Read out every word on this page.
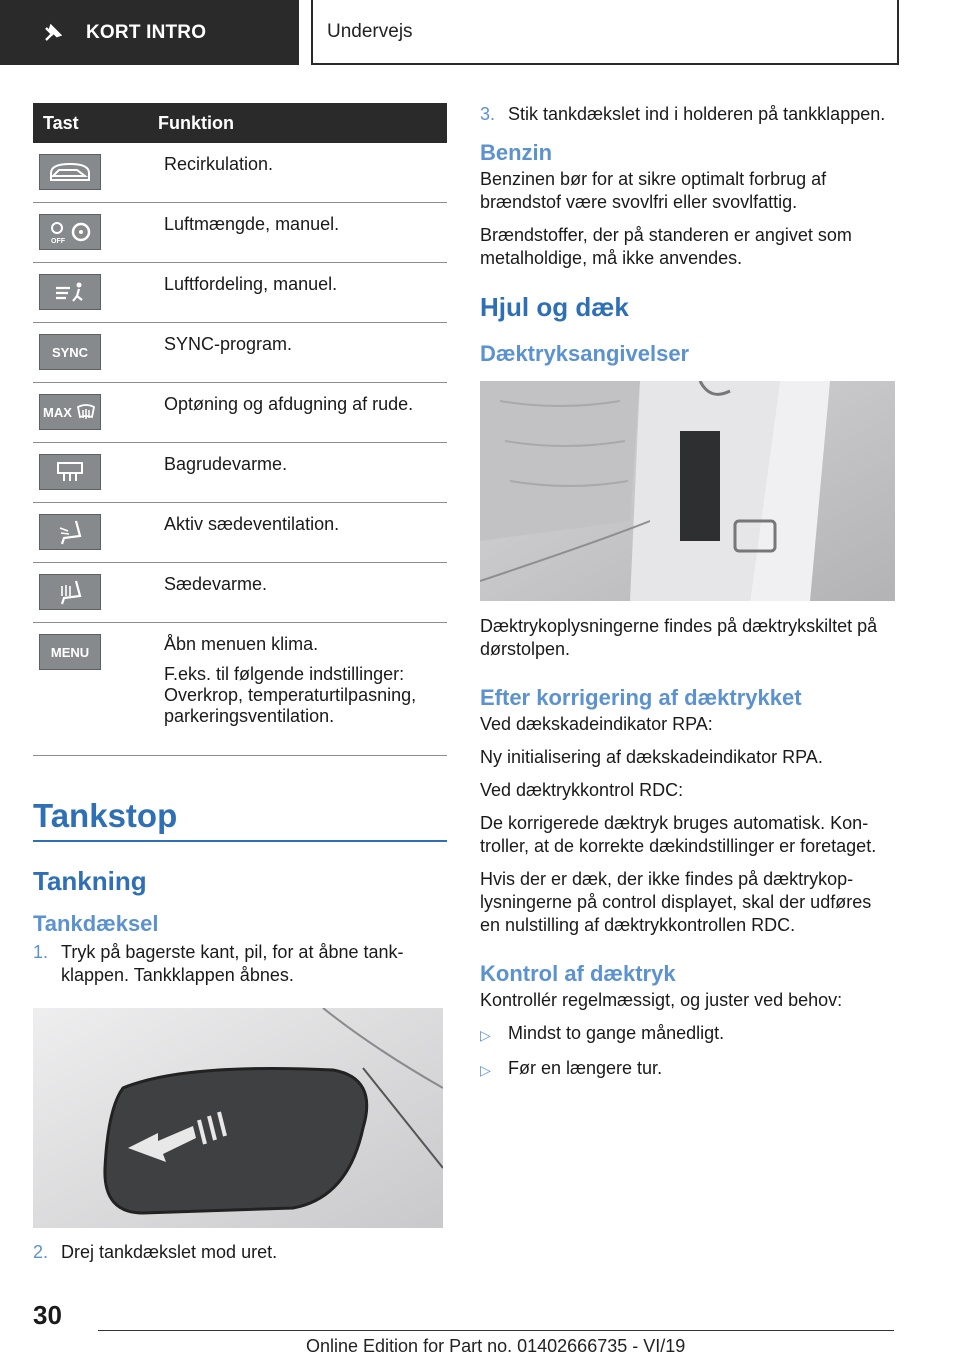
KORT INTRO	Undervejs
Tast	Funktion

	Recirkulation.

OFF	Luftmængde, manuel.

	Luftfordeling, manuel.

SYNC	SYNC-program.

MAX	Optøning og afdugning af rude.

	Bagrudevarme.

	Aktiv sædeventilation.

	Sædevarme.

MENU	Åbn menuen klima.

F.eks. til følgende indstillinger: Overkrop, temperaturtilpasning, parkeringsventilation.

Tankstop
Tankning
Tankdæksel
1. Tryk på bagerste kant, pil, for at åbne tankklappen. Tankklappen åbnes.
2. Drej tankdækslet mod uret.
3. Stik tankdækslet ind i holderen på tankklappen.
Benzin

Benzinen bør for at sikre optimalt forbrug af brændstof være svovlfri eller svovlfattig.

Brændstoffer, der på standeren er angivet som metalholdige, må ikke anvendes.

Hjul og dæk
Dæktryksangivelser

Dæktrykoplysningerne findes på dæktrykskiltet på dørstolpen.

Efter korrigering af dæktrykket

Ved dækskadeindikator RPA:

Ny initialisering af dækskadeindikator RPA.

Ved dæktrykkontrol RDC:

De korrigerede dæktryk bruges automatisk. Kontroller, at de korrekte dækindstillinger er foretaget.

Hvis der er dæk, der ikke findes på dæktrykoplysningerne på control displayet, skal der udføres en nulstilling af dæktrykkontrollen RDC.

Kontrol af dæktryk

Kontrollér regelmæssigt, og juster ved behov:

▷ Mindst to gange månedligt.
▷ Før en længere tur.
30
Online Edition for Part no. 01402666735 - VI/19
